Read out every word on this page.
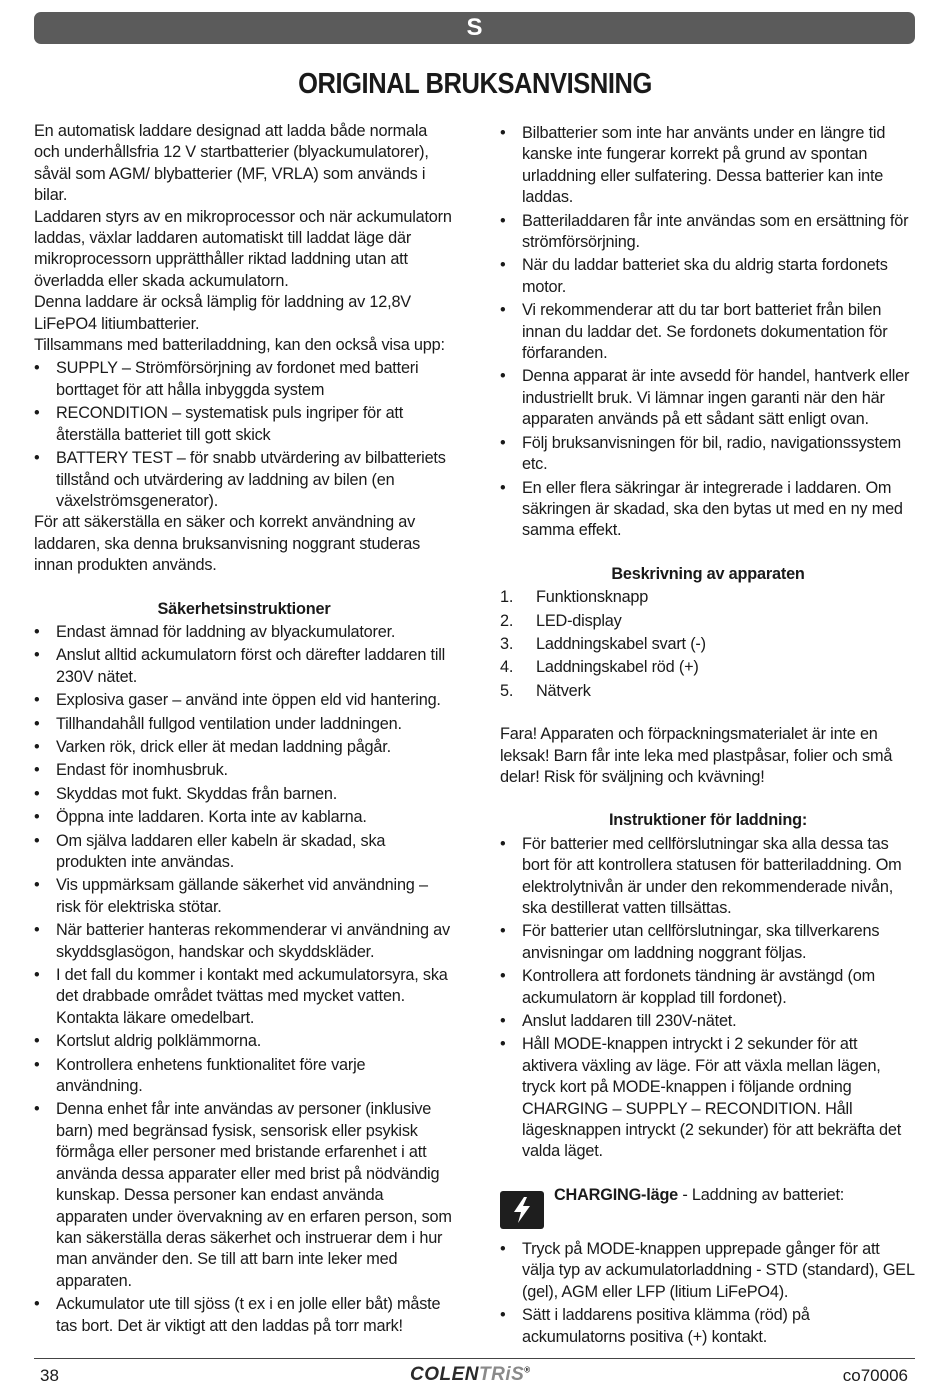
S
ORIGINAL BRUKSANVISNING

En automatisk laddare designad att ladda både normala och underhållsfria 12 V startbatterier (blyackumulatorer), såväl som AGM/ blybatterier (MF, VRLA) som används i bilar.

Laddaren styrs av en mikroprocessor och när ackumulatorn laddas, växlar laddaren automatiskt till laddat läge där mikroprocessorn upprätthåller riktad laddning utan att överladda eller skada ackumulatorn.

Denna laddare är också lämplig för laddning av 12,8V LiFePO4 litiumbatterier.

Tillsammans med batteriladdning, kan den också visa upp:

• SUPPLY – Strömförsörjning av fordonet med batteri borttaget för att hålla inbyggda system
• RECONDITION – systematisk puls ingriper för att återställa batteriet till gott skick
• BATTERY TEST – för snabb utvärdering av bilbatteriets tillstånd och utvärdering av laddning av bilen (en växelströmsgenerator).

För att säkerställa en säker och korrekt användning av laddaren, ska denna bruksanvisning noggrant studeras innan produkten används.

Säkerhetsinstruktioner
• Endast ämnad för laddning av blyackumulatorer.
• Anslut alltid ackumulatorn först och därefter laddaren till 230V nätet.
• Explosiva gaser – använd inte öppen eld vid hantering.
• Tillhandahåll fullgod ventilation under laddningen.
• Varken rök, drick eller ät medan laddning pågår.
• Endast för inomhusbruk.
• Skyddas mot fukt. Skyddas från barnen.
• Öppna inte laddaren. Korta inte av kablarna.
• Om själva laddaren eller kabeln är skadad, ska produkten inte användas.
• Vis uppmärksam gällande säkerhet vid användning – risk för elektriska stötar.
• När batterier hanteras rekommenderar vi användning av skyddsglasögon, handskar och skyddskläder.
• I det fall du kommer i kontakt med ackumulatorsyra, ska det drabbade området tvättas med mycket vatten. Kontakta läkare omedelbart.
• Kortslut aldrig polklämmorna.
• Kontrollera enhetens funktionalitet före varje användning.
• Denna enhet får inte användas av personer (inklusive barn) med begränsad fysisk, sensorisk eller psykisk förmåga eller personer med bristande erfarenhet i att använda dessa apparater eller med brist på nödvändig kunskap. Dessa personer kan endast använda apparaten under övervakning av en erfaren person, som kan säkerställa deras säkerhet och instruerar dem i hur man använder den. Se till att barn inte leker med apparaten.
• Ackumulator ute till sjöss (t ex i en jolle eller båt) måste tas bort. Det är viktigt att den laddas på torr mark!
• Bilbatterier som inte har använts under en längre tid kanske inte fungerar korrekt på grund av spontan urladdning eller sulfatering. Dessa batterier kan inte laddas.
• Batteriladdaren får inte användas som en ersättning för strömförsörjning.
• När du laddar batteriet ska du aldrig starta fordonets motor.
• Vi rekommenderar att du tar bort batteriet från bilen innan du laddar det. Se fordonets dokumentation för förfaranden.
• Denna apparat är inte avsedd för handel, hantverk eller industriellt bruk. Vi lämnar ingen garanti när den här apparaten används på ett sådant sätt enligt ovan.
• Följ bruksanvisningen för bil, radio, navigationssystem etc.
• En eller flera säkringar är integrerade i laddaren. Om säkringen är skadad, ska den bytas ut med en ny med samma effekt.
Beskrivning av apparaten
1. Funktionsknapp
2. LED-display
3. Laddningskabel svart (-)
4. Laddningskabel röd (+)
5. Nätverk

Fara! Apparaten och förpackningsmaterialet är inte en leksak! Barn får inte leka med plastpåsar, folier och små delar! Risk för sväljning och kvävning!

Instruktioner för laddning:
• För batterier med cellförslutningar ska alla dessa tas bort för att kontrollera statusen för batteriladdning. Om elektrolytnivån är under den rekommenderade nivån, ska destillerat vatten tillsättas.
• För batterier utan cellförslutningar, ska tillverkarens anvisningar om laddning noggrant följas.
• Kontrollera att fordonets tändning är avstängd (om ackumulatorn är kopplad till fordonet).
• Anslut laddaren till 230V-nätet.
• Håll MODE-knappen intryckt i 2 sekunder för att aktivera växling av läge. För att växla mellan lägen, tryck kort på MODE-knappen i följande ordning CHARGING – SUPPLY – RECONDITION. Håll lägesknappen intryckt (2 sekunder) för att bekräfta det valda läget.
CHARGING-läge - Laddning av batteriet:
• Tryck på MODE-knappen upprepade gånger för att välja typ av ackumulatorladdning - STD (standard), GEL (gel), AGM eller LFP (litium LiFePO4).
• Sätt i laddarens positiva klämma (röd) på ackumulatorns positiva (+) kontakt.
38	COLENTRiS®	co70006
